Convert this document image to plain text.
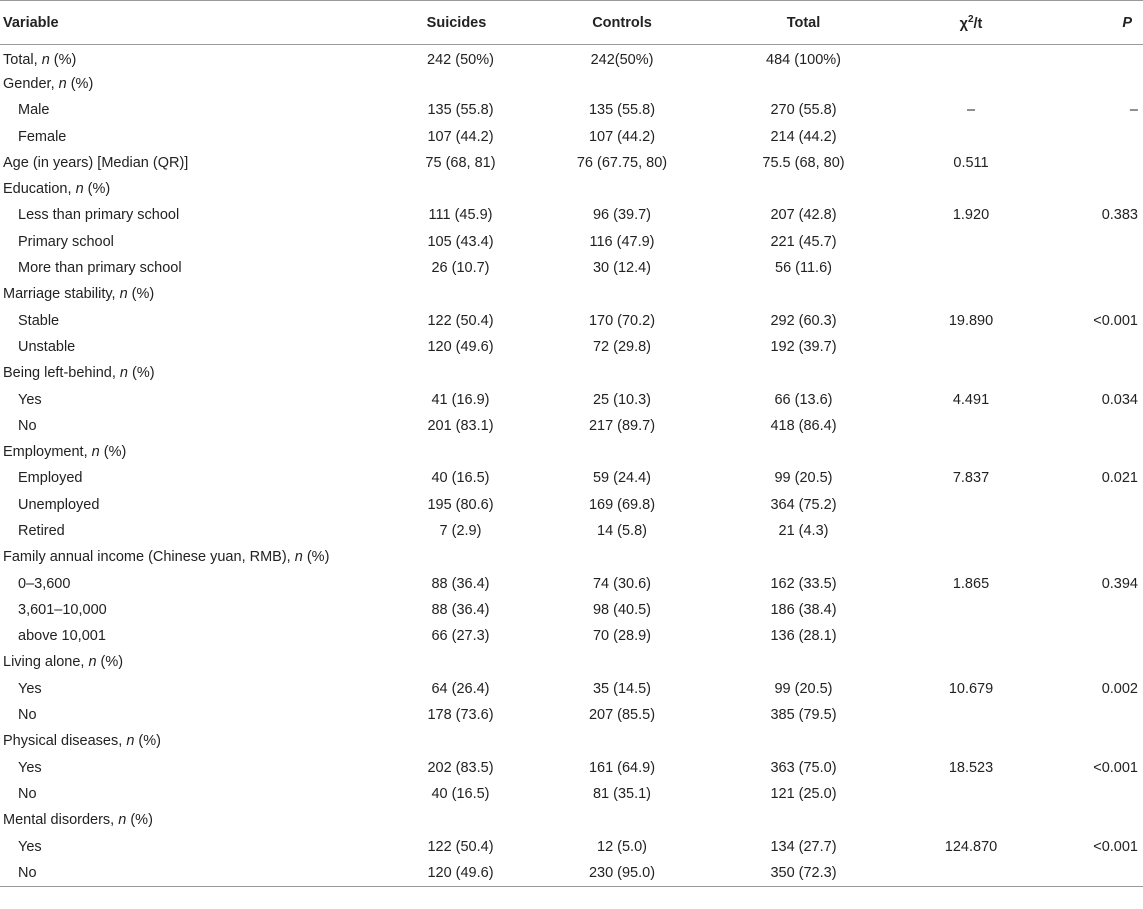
Variable	Suicides	Controls	Total	$\chi^2/t$	P
Total, n (%)	242 (50%)	242(50%)	484 (100%)		
Gender, n (%)					
Male	135 (55.8)	135 (55.8)	270 (55.8)	–	–
Female	107 (44.2)	107 (44.2)	214 (44.2)		
Age (in years) [Median (QR)]	75 (68, 81)	76 (67.75, 80)	75.5 (68, 80)	0.511	
Education, n (%)					
Less than primary school	111 (45.9)	96 (39.7)	207 (42.8)	1.920	0.383
Primary school	105 (43.4)	116 (47.9)	221 (45.7)		
More than primary school	26 (10.7)	30 (12.4)	56 (11.6)		
Marriage stability, n (%)					
Stable	122 (50.4)	170 (70.2)	292 (60.3)	19.890	<0.001
Unstable	120 (49.6)	72 (29.8)	192 (39.7)		
Being left-behind, n (%)					
Yes	41 (16.9)	25 (10.3)	66 (13.6)	4.491	0.034
No	201 (83.1)	217 (89.7)	418 (86.4)		
Employment, n (%)					
Employed	40 (16.5)	59 (24.4)	99 (20.5)	7.837	0.021
Unemployed	195 (80.6)	169 (69.8)	364 (75.2)		
Retired	7 (2.9)	14 (5.8)	21 (4.3)		
Family annual income (Chinese yuan, RMB), n (%)					
0–3,600	88 (36.4)	74 (30.6)	162 (33.5)	1.865	0.394
3,601–10,000	88 (36.4)	98 (40.5)	186 (38.4)		
above 10,001	66 (27.3)	70 (28.9)	136 (28.1)		
Living alone, n (%)					
Yes	64 (26.4)	35 (14.5)	99 (20.5)	10.679	0.002
No	178 (73.6)	207 (85.5)	385 (79.5)		
Physical diseases, n (%)					
Yes	202 (83.5)	161 (64.9)	363 (75.0)	18.523	<0.001
No	40 (16.5)	81 (35.1)	121 (25.0)		
Mental disorders, n (%)					
Yes	122 (50.4)	12 (5.0)	134 (27.7)	124.870	<0.001
No	120 (49.6)	230 (95.0)	350 (72.3)		
